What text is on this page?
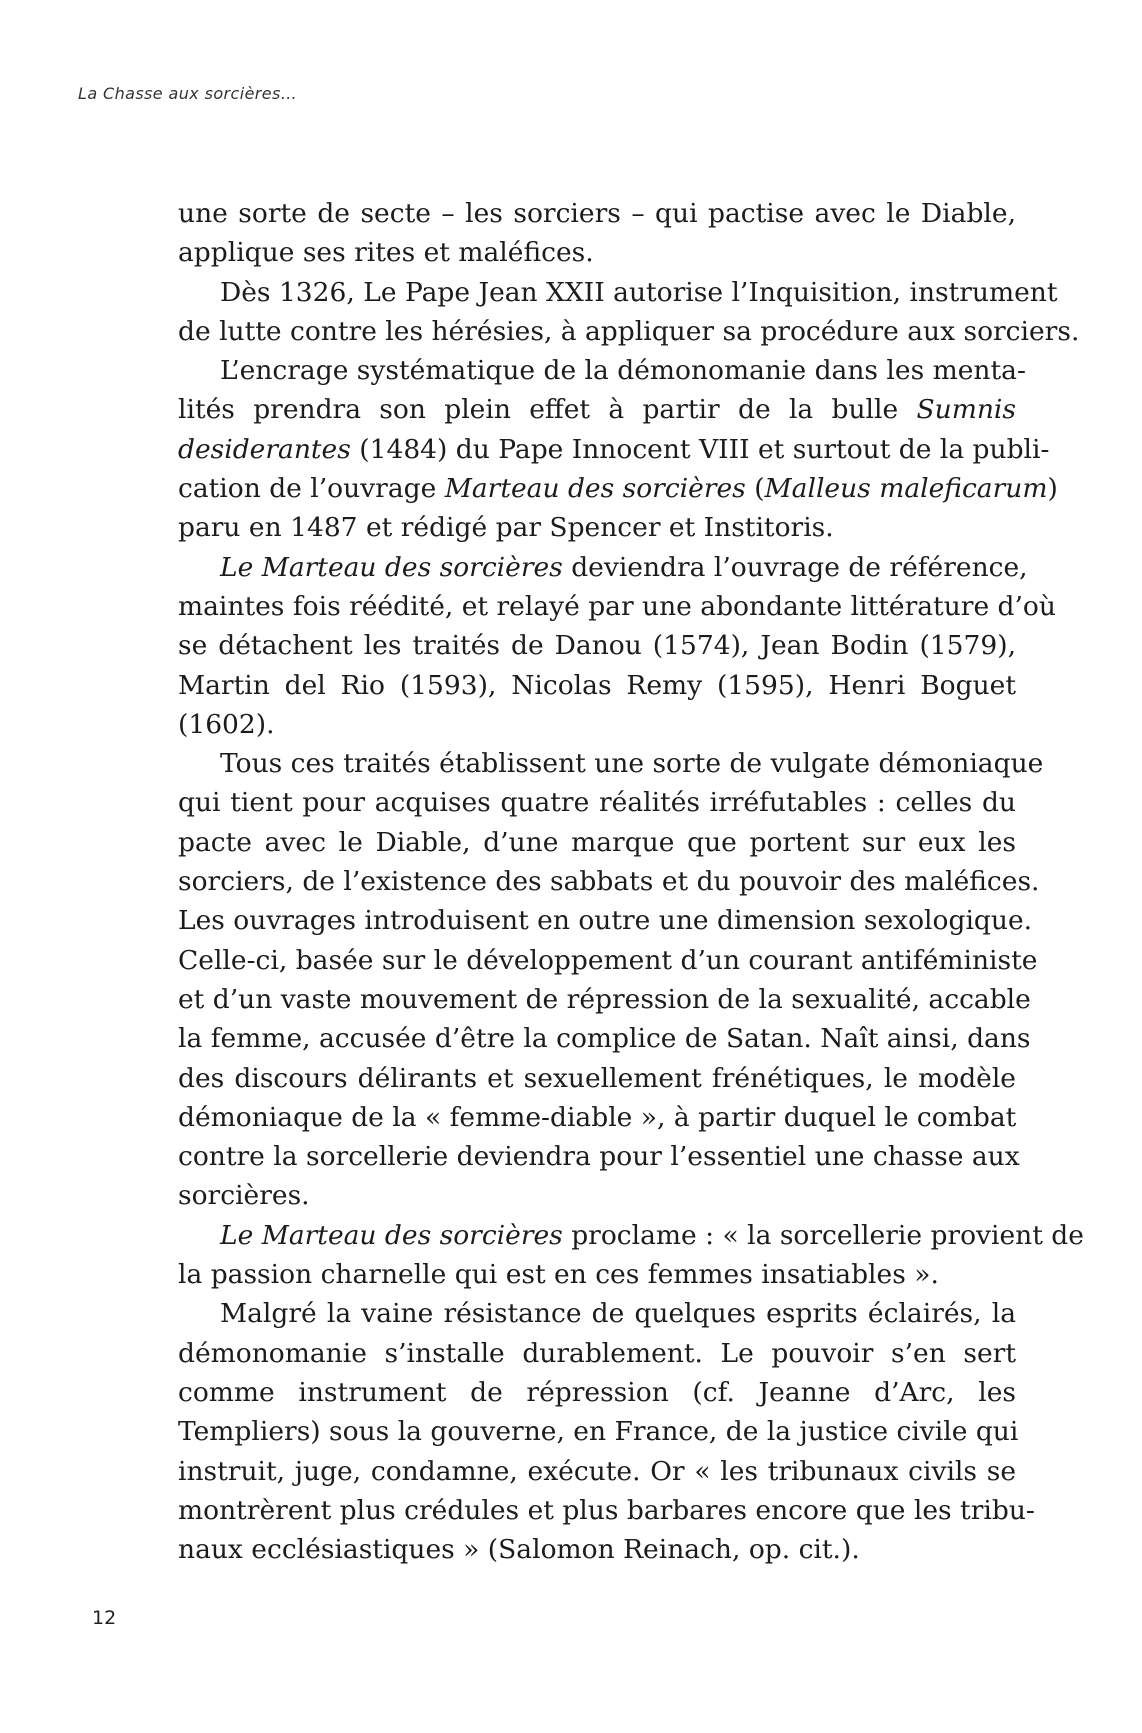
La Chasse aux sorcières…
une sorte de secte – les sorciers – qui pactise avec le Diable,
applique ses rites et maléfices.
Dès 1326, Le Pape Jean XXII autorise l’Inquisition, instrument
de lutte contre les hérésies, à appliquer sa procédure aux sorciers.
L’encrage systématique de la démonomanie dans les menta-
lités prendra son plein effet à partir de la bulle Sumnis
desiderantes (1484) du Pape Innocent VIII et surtout de la publi-
cation de l’ouvrage Marteau des sorcières (Malleus maleficarum)
paru en 1487 et rédigé par Spencer et Institoris.
Le Marteau des sorcières deviendra l’ouvrage de référence,
maintes fois réédité, et relayé par une abondante littérature d’où
se détachent les traités de Danou (1574), Jean Bodin (1579),
Martin del Rio (1593), Nicolas Remy (1595), Henri Boguet
(1602).
Tous ces traités établissent une sorte de vulgate démoniaque
qui tient pour acquises quatre réalités irréfutables : celles du
pacte avec le Diable, d’une marque que portent sur eux les
sorciers, de l’existence des sabbats et du pouvoir des maléfices.
Les ouvrages introduisent en outre une dimension sexologique.
Celle-ci, basée sur le développement d’un courant antiféministe
et d’un vaste mouvement de répression de la sexualité, accable
la femme, accusée d’être la complice de Satan. Naît ainsi, dans
des discours délirants et sexuellement frénétiques, le modèle
démoniaque de la « femme-diable », à partir duquel le combat
contre la sorcellerie deviendra pour l’essentiel une chasse aux
sorcières.
Le Marteau des sorcières proclame : « la sorcellerie provient de
la passion charnelle qui est en ces femmes insatiables ».
Malgré la vaine résistance de quelques esprits éclairés, la
démonomanie s’installe durablement. Le pouvoir s’en sert
comme instrument de répression (cf. Jeanne d’Arc, les
Templiers) sous la gouverne, en France, de la justice civile qui
instruit, juge, condamne, exécute. Or « les tribunaux civils se
montrèrent plus crédules et plus barbares encore que les tribu-
naux ecclésiastiques » (Salomon Reinach, op. cit.).
12
